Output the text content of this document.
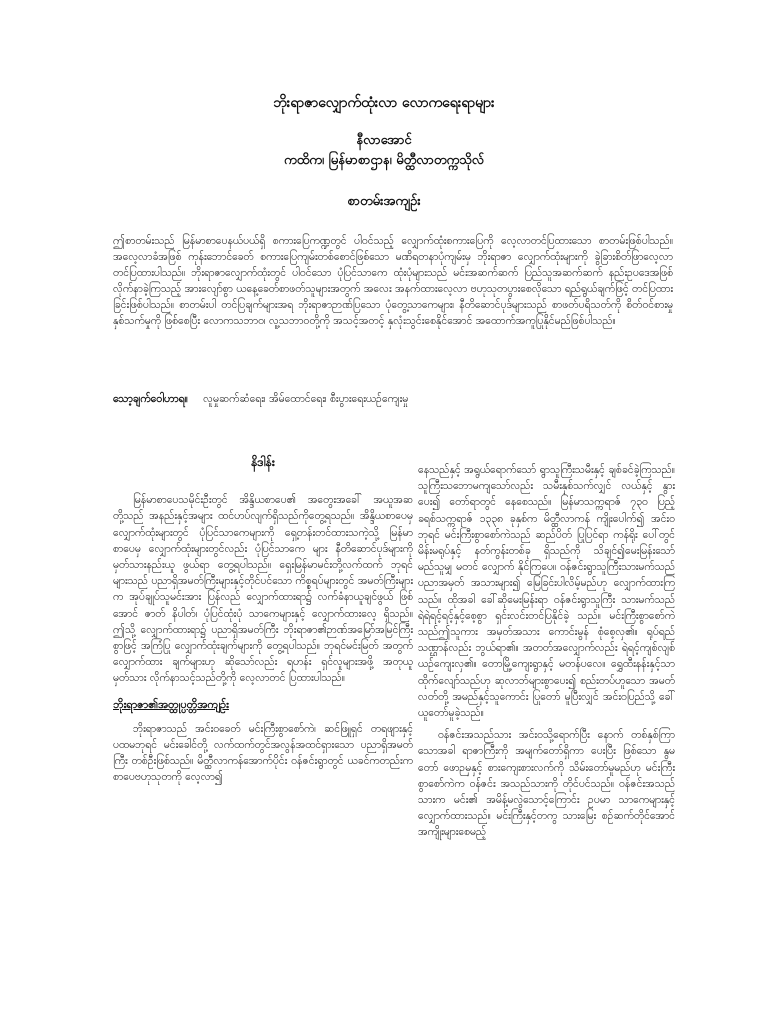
ဘိုးရာဇာလျှောက်ထုံးလာ လောကရေးရာများ
နီလာအောင်
ကထိက၊ မြန်မာစာဌာန၊ မိတ္ထီလာတက္ကသိုလ်
စာတမ်းအကျဉ်း

ဤစာတမ်းသည် မြန်မာစာပေနယ်ပယ်ရှိ စကားပြေကဏ္ဍတွင် ပါဝင်သည့် လျှောက်ထုံးစကားပြေကို လေ့လာတင်ပြထားသော စာတမ်းဖြစ်ပါသည်။ အလေ့လာခံအဖြစ် ကုန်းဘောင်ခေတ် စကားပြေကျမ်းတစ်စောင်ဖြစ်သော မဏိရတနာပုံကျမ်းမှ ဘိုးရာဇာ လျှောက်ထုံးများကို ခွဲခြားစိတ်ဖြာလေ့လာ တင်ပြထားပါသည်။ ဘိုးရာဇာလျှောက်ထုံးတွင် ပါဝင်သော ပုံပြင်သာကေ ထုံးပုံများသည် မင်းအဆက်ဆက် ပြည်သူအဆက်ဆက် နည်းဥပဒေအဖြစ် လိုက်နာခဲ့ကြသည့် အားလျော်စွာ ယနေ့ခေတ်စာဖတ်သူများအတွက် အလေး အနက်ထားလေ့လာ ဗဟုသုတပွားစေလိုသော ရည်ရွယ်ချက်ဖြင့် တင်ပြထားခြင်းဖြစ်ပါသည်။ စာတမ်းပါ တင်ပြချက်များအရ ဘိုးရာဇာဉာဏ်ပြသော ပုံတွေ့သာကေများ၊ နီတိဆောင်ပုဒ်များသည် စာဖတ်ပရိသတ်ကို စိတ်ဝင်စားမှု နှစ်သက်မှုကို ဖြစ်စေပြီး လောကသဘာဝ၊ လူ့သဘာဝတို့ကို အသင့်အတင့် နှလုံးသွင်းစေနိုင်အောင် အထောက်အကူပြုနိုင်မည်ဖြစ်ပါသည်။

သော့ချက်ဝေါဟာရ။ လူမှုဆက်ဆံရေး၊ အိမ်ထောင်ရေး၊ စီးပွားရေးယဉ်ကျေးမှု
နိဒါန်း

မြန်မာစာပေသမိုင်းဦးတွင် အိန္ဒိယစာပေ၏ အတွေးအခေါ် အယူအဆတို့သည် အနည်းနှင့်အများ ထင်ဟပ်လျက်ရှိသည်ကိုတွေ့ရသည်။ အိန္ဒိယစာပေမှ လျှောက်ထုံးများတွင် ပုံပြင်သာကေများကို ရှေ့တန်းတင်ထားသကဲ့သို့ မြန်မာစာပေမှ လျှောက်ထုံးများတွင်လည်း ပုံပြင်သာကေ များ နီတိဆောင်ပုဒ်များကို မှတ်သားနည်းယူ ဖွယ်ရာ တွေ့ရပါသည်။ ရှေးမြန်မာမင်းတို့လက်ထက် ဘုရင်များသည် ပညာရှိအမတ်ကြီးများနှင့်တိုင်ပင်သော ကိစ္စရပ်များတွင် အမတ်ကြီးများက အုပ်ချုပ်သူမင်းအား ပြန်လည် လျှောက်ထားရာ၌ လက်ခံနာယူချင်ဖွယ် ဖြစ်အောင် ဇာတ် နိပါတ်၊ ပုံပြင်ထုံးပုံ သာကေများနှင့် လျှောက်ထားလေ့ ရှိသည်။ ဤသို့ လျှောက်ထားရာ၌ ပညာရှိအမတ်ကြီး ဘိုးရာဇာ၏ဉာဏ်အမြော်အမြင်ကြီးစွာဖြင့် အကြံပြု လျှောက်ထုံးချက်များကို တွေ့ရပါသည်။ ဘုရင်မင်းမြတ် အတွက် လျှောက်ထား ချက်များဟု ဆိုသော်လည်း ရဟန်း ရှင်လူများအဖို့ အတုယူမှတ်သား လိုက်နာသင့်သည်တို့ကို လေ့လာတင် ပြထားပါသည်။

ဘိုးရာဇာ၏အတ္ထုပ္ပတ္တိအကျဉ်း

ဘိုးရာဇာသည် အင်းဝခေတ် မင်းကြီးစွာစော်ကဲ၊ ဆင်ဖြူရှင် တရဖျားနှင့် ပထမဘုရင် မင်းခေါင်တို့ လက်ထက်တွင်အလွန်အထင်ရှားသော ပညာရှိအမတ်ကြီး တစ်ဦးဖြစ်သည်။ မိတ္ထီလာကန်အောက်ပိုင်း ဝန်ဇင်းရွာတွင် ယခင်ကတည်းက စာပေဗဟုသုတကို လေ့လာ၍

နေသည်နှင့် အရွယ်ရောက်သော် ရွာသူကြီးသမီးနှင့် ချစ်ခင်ခဲ့ကြသည်။ သူကြီးသဘောမကျသော်လည်း သမီးနှစ်သက်လျှင် လယ်နှင့် နွားပေး၍ တော်ရာတွင် နေစေသည်။ မြန်မာသက္ကရာဇ် ၇၃၀ ပြည့် ခရစ်သက္ကရာဇ် ၁၃၃၈ ခုနှစ်က မိတ္ထီလာကန် ကျိုးပေါက်၍ အင်းဝဘုရင် မင်းကြီးစွာစော်ကဲသည် ဆည်ပိတ် ပြုပြင်ရာ ကန်ရိုး ပေါ်တွင် မိန်းမရုပ်နှင့် နတ်ကွန်းတစ်ခု ရှိသည်ကို သိချင်၍မေးမြန်းသော် မည်သူမျှ မတင် လျှောက် နိုင်ကြပေ။ ဝန်ဇင်းရွာသူကြီးသားမက်သည် ပညာအမှတ် အသားများ၍ မြေခြင်းပါလိမ့်မည်ဟု လျှောက်ထားကြ သည်။ ထိုအခါ ခေါ်ဆိုမေးမြန်းရာ ဝန်ဇင်းရွာသူကြီး သားမက်သည် ရဲရဲရင့်ရင့်နှင့်စေ့စွာ ရှင်းလင်းတင်ပြနိုင်ခဲ့ သည်။ မင်းကြီးစွာစော်ကဲသည်ဤသူကား အမှတ်အသား ကောင်းမွန် စုံစေ့လှ၏။ ရုပ်ရည်သဏ္ဌာန်လည်း ဘွယ်ရာ၏။ အတတ်အလျှောက်လည်း ရဲရင့်ကျစ်လျစ် ယဉ်ကျေးလှ၏။ တောမြို့ကျေးရွာနှင့် မတန်ပလေ။ ရွှေထီးနန်းနှင့်သာ ထိုက်လျော်သည်ဟု ဆုလာဘ်များစွာပေး၍ စည်းတပ်ဟူသော အမတ်လတ်တို့ အမည်နှင့်သူကောင်း ပြုတော် မူပြီးလျှင် အင်းဝပြည်သို့ ခေါ်ယူတော်မူခဲ့သည်။

ဝန်ဇင်းအသည်သား အင်းဝသို့ရောက်ပြီး နောက် တစ်နှစ်ကြာသောအခါ ရာဇာကြီးကို အမျက်တော်ရှိကာ ပေးပြီး ဖြစ်သော နွမတော် ဖောဉမှနှင့် စားကျေးစားလက်ကို သိမ်းတော်မူမည်ဟု မင်းကြီး စွာစော်ကဲက ဝန်ဇင်း အသည်သားကို တိုင်ပင်သည်။ ဝန်ဇင်းအသည်သားက မင်း၏ အမိန့်မလွဲသောင့်ကြောင်း ဥပမာ သာကေများနှင့် လျှောက်ထားသည်။ မင်းကြီးနှင့်တကွ သားမြေး စဉ်ဆက်တိုင်အောင် အကျိုးများစေမည့်
